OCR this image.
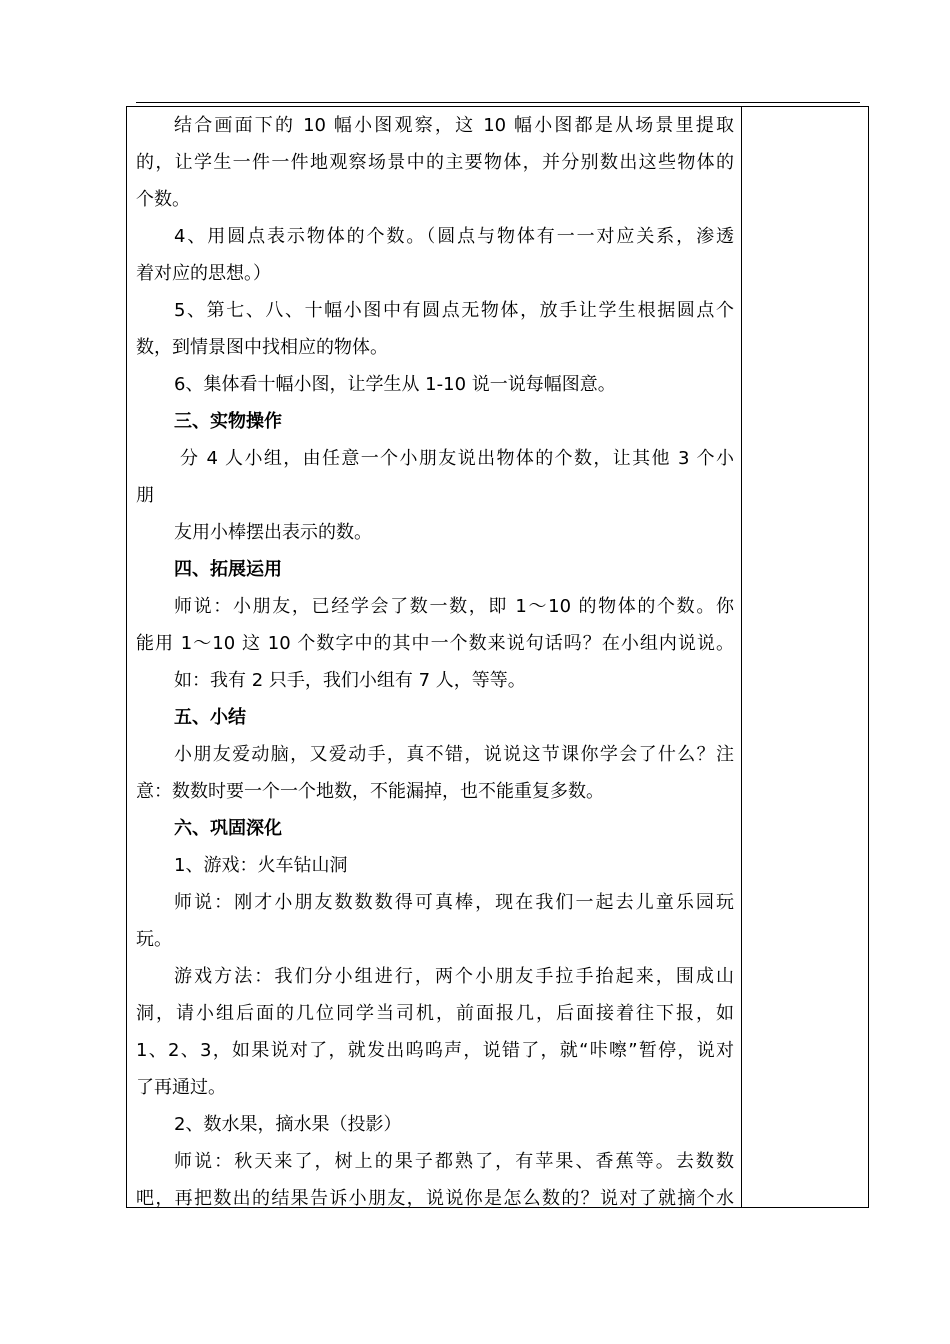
结合画面下的 10 幅小图观察，这 10 幅小图都是从场景里提取
的，让学生一件一件地观察场景中的主要物体，并分别数出这些物体的
个数。
4、用圆点表示物体的个数。（圆点与物体有一一对应关系，渗透
着对应的思想。）
5、第七、八、十幅小图中有圆点无物体，放手让学生根据圆点个
数，到情景图中找相应的物体。
6、集体看十幅小图，让学生从 1-10 说一说每幅图意。
三、实物操作
分 4 人小组，由任意一个小朋友说出物体的个数，让其他 3 个小
朋
友用小棒摆出表示的数。
四、拓展运用
师说：小朋友，已经学会了数一数，即 1～10 的物体的个数。你
能用 1～10 这 10 个数字中的其中一个数来说句话吗？在小组内说说。
如：我有 2 只手，我们小组有 7 人，等等。
五、小结
小朋友爱动脑，又爱动手，真不错，说说这节课你学会了什么？注
意：数数时要一个一个地数，不能漏掉，也不能重复多数。
六、巩固深化
1、游戏：火车钻山洞
师说：刚才小朋友数数数得可真棒，现在我们一起去儿童乐园玩
玩。
游戏方法：我们分小组进行，两个小朋友手拉手抬起来，围成山
洞，请小组后面的几位同学当司机，前面报几，后面接着往下报，如
1、2、3，如果说对了，就发出呜呜声，说错了，就“咔嚓”暂停，说对
了再通过。
2、数水果，摘水果（投影）
师说：秋天来了，树上的果子都熟了，有苹果、香蕉等。去数数
吧，再把数出的结果告诉小朋友，说说你是怎么数的？说对了就摘个水
